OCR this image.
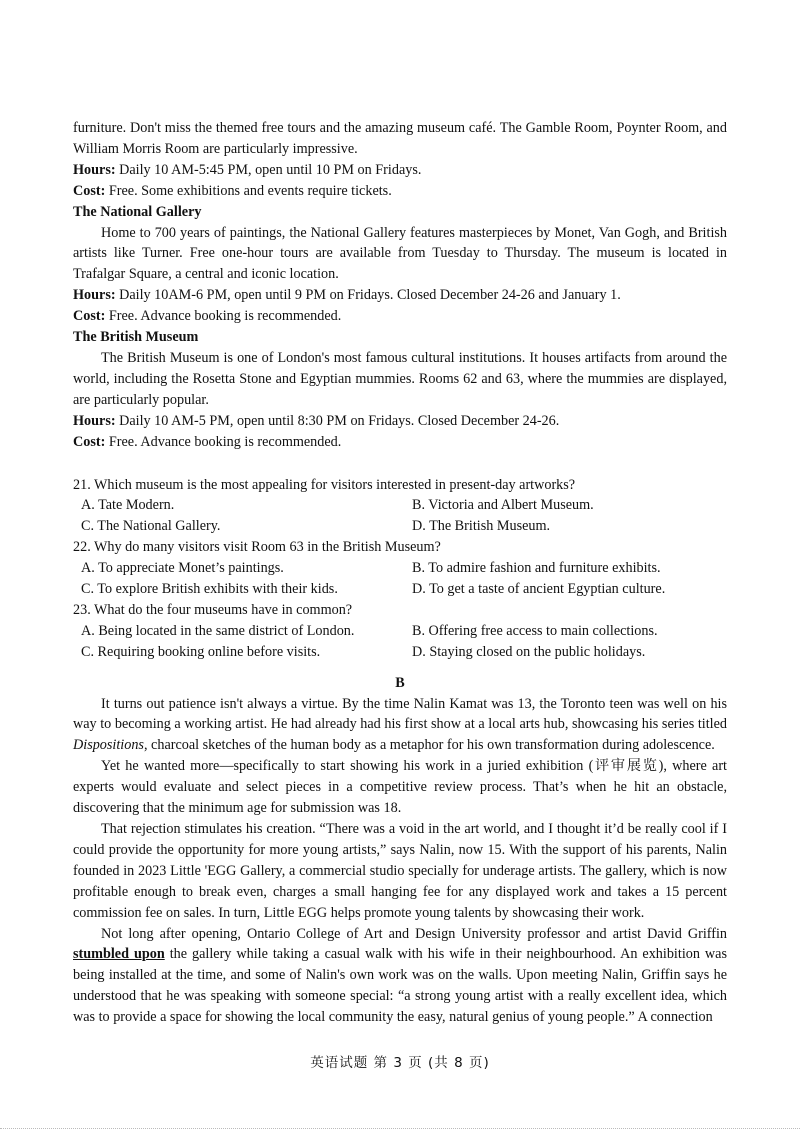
furniture. Don't miss the themed free tours and the amazing museum café. The Gamble Room, Poynter Room, and William Morris Room are particularly impressive.

Hours: Daily 10 AM-5:45 PM, open until 10 PM on Fridays.

Cost: Free. Some exhibitions and events require tickets.

The National Gallery

Home to 700 years of paintings, the National Gallery features masterpieces by Monet, Van Gogh, and British artists like Turner. Free one-hour tours are available from Tuesday to Thursday. The museum is located in Trafalgar Square, a central and iconic location.

Hours: Daily 10AM-6 PM, open until 9 PM on Fridays. Closed December 24-26 and January 1.

Cost: Free. Advance booking is recommended.

The British Museum

The British Museum is one of London's most famous cultural institutions. It houses artifacts from around the world, including the Rosetta Stone and Egyptian mummies. Rooms 62 and 63, where the mummies are displayed, are particularly popular.

Hours: Daily 10 AM-5 PM, open until 8:30 PM on Fridays. Closed December 24-26.

Cost: Free. Advance booking is recommended.

21. Which museum is the most appealing for visitors interested in present-day artworks?

A. Tate Modern.	B. Victoria and Albert Museum.
C. The National Gallery.	D. The British Museum.

22. Why do many visitors visit Room 63 in the British Museum?

A. To appreciate Monet’s paintings.	B. To admire fashion and furniture exhibits.
C. To explore British exhibits with their kids.	D. To get a taste of ancient Egyptian culture.

23. What do the four museums have in common?

A. Being located in the same district of London.	B. Offering free access to main collections.
C. Requiring booking online before visits.	D. Staying closed on the public holidays.

B

It turns out patience isn't always a virtue. By the time Nalin Kamat was 13, the Toronto teen was well on his way to becoming a working artist. He had already had his first show at a local arts hub, showcasing his series titled Dispositions, charcoal sketches of the human body as a metaphor for his own transformation during adolescence.

Yet he wanted more—specifically to start showing his work in a juried exhibition (评审展览), where art experts would evaluate and select pieces in a competitive review process. That’s when he hit an obstacle, discovering that the minimum age for submission was 18.

That rejection stimulates his creation. “There was a void in the art world, and I thought it’d be really cool if I could provide the opportunity for more young artists,” says Nalin, now 15. With the support of his parents, Nalin founded in 2023 Little 'EGG Gallery, a commercial studio specially for underage artists. The gallery, which is now profitable enough to break even, charges a small hanging fee for any displayed work and takes a 15 percent commission fee on sales. In turn, Little EGG helps promote young talents by showcasing their work.

Not long after opening, Ontario College of Art and Design University professor and artist David Griffin stumbled upon the gallery while taking a casual walk with his wife in their neighbourhood. An exhibition was being installed at the time, and some of Nalin's own work was on the walls. Upon meeting Nalin, Griffin says he understood that he was speaking with someone special: “a strong young artist with a really excellent idea, which was to provide a space for showing the local community the easy, natural genius of young people.” A connection

英语试题 第 3 页 (共 8 页)
